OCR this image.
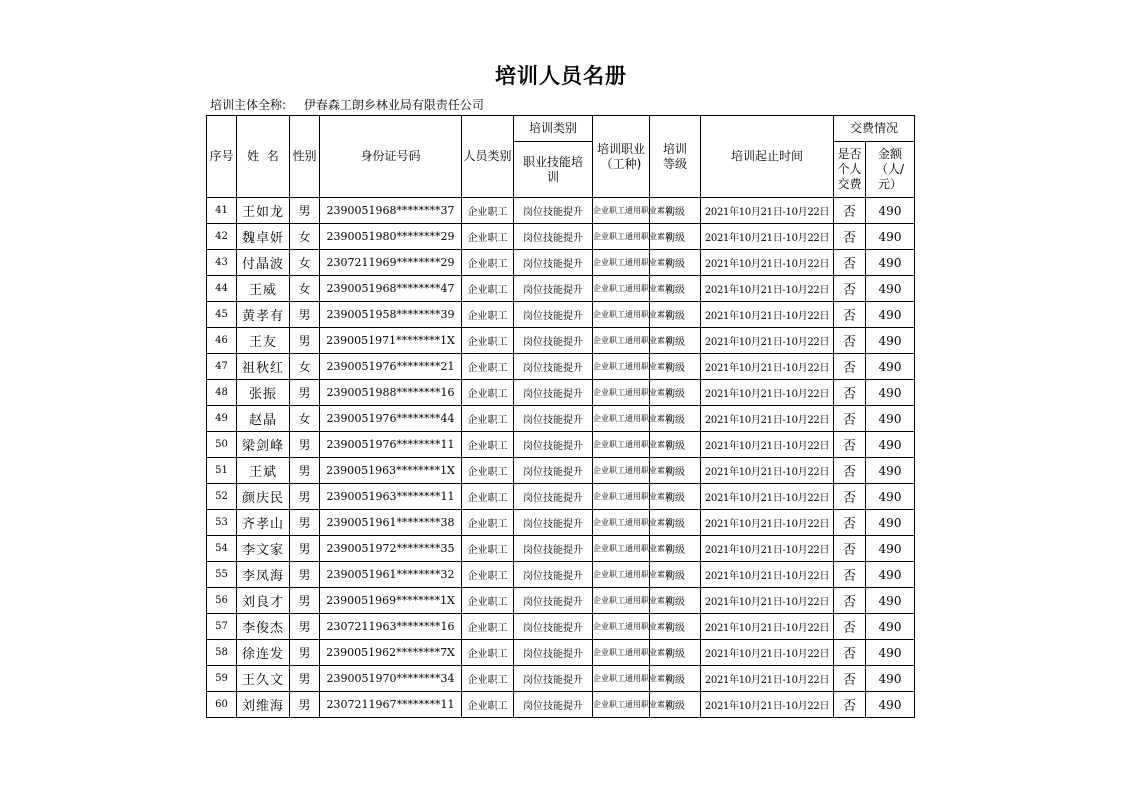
培训人员名册
培训主体全称: 伊春森工朗乡林业局有限责任公司
序号	姓  名	性别	身份证号码	人员类别	培训类别	培训职业（工种)	培训等级	培训起止时间	交费情况	
					职业技能培训				是否个人交费	金额（人/元）
41	王如龙	男	2390051968********37	企业职工	岗位技能提升	企业职工通用职业素质	初级	2021年10月21日-10月22日	否	490
42	魏卓妍	女	2390051980********29	企业职工	岗位技能提升	企业职工通用职业素质	初级	2021年10月21日-10月22日	否	490
43	付晶波	女	2307211969********29	企业职工	岗位技能提升	企业职工通用职业素质	初级	2021年10月21日-10月22日	否	490
44	王威	女	2390051968********47	企业职工	岗位技能提升	企业职工通用职业素质	初级	2021年10月21日-10月22日	否	490
45	黄孝有	男	2390051958********39	企业职工	岗位技能提升	企业职工通用职业素质	初级	2021年10月21日-10月22日	否	490
46	王友	男	2390051971********1X	企业职工	岗位技能提升	企业职工通用职业素质	初级	2021年10月21日-10月22日	否	490
47	祖秋红	女	2390051976********21	企业职工	岗位技能提升	企业职工通用职业素质	初级	2021年10月21日-10月22日	否	490
48	张振	男	2390051988********16	企业职工	岗位技能提升	企业职工通用职业素质	初级	2021年10月21日-10月22日	否	490
49	赵晶	女	2390051976********44	企业职工	岗位技能提升	企业职工通用职业素质	初级	2021年10月21日-10月22日	否	490
50	梁剑峰	男	2390051976********11	企业职工	岗位技能提升	企业职工通用职业素质	初级	2021年10月21日-10月22日	否	490
51	王斌	男	2390051963********1X	企业职工	岗位技能提升	企业职工通用职业素质	初级	2021年10月21日-10月22日	否	490
52	颜庆民	男	2390051963********11	企业职工	岗位技能提升	企业职工通用职业素质	初级	2021年10月21日-10月22日	否	490
53	齐孝山	男	2390051961********38	企业职工	岗位技能提升	企业职工通用职业素质	初级	2021年10月21日-10月22日	否	490
54	李文家	男	2390051972********35	企业职工	岗位技能提升	企业职工通用职业素质	初级	2021年10月21日-10月22日	否	490
55	李凤海	男	2390051961********32	企业职工	岗位技能提升	企业职工通用职业素质	初级	2021年10月21日-10月22日	否	490
56	刘良才	男	2390051969********1X	企业职工	岗位技能提升	企业职工通用职业素质	初级	2021年10月21日-10月22日	否	490
57	李俊杰	男	2307211963********16	企业职工	岗位技能提升	企业职工通用职业素质	初级	2021年10月21日-10月22日	否	490
58	徐连发	男	2390051962********7X	企业职工	岗位技能提升	企业职工通用职业素质	初级	2021年10月21日-10月22日	否	490
59	王久文	男	2390051970********34	企业职工	岗位技能提升	企业职工通用职业素质	初级	2021年10月21日-10月22日	否	490
60	刘维海	男	2307211967********11	企业职工	岗位技能提升	企业职工通用职业素质	初级	2021年10月21日-10月22日	否	490
